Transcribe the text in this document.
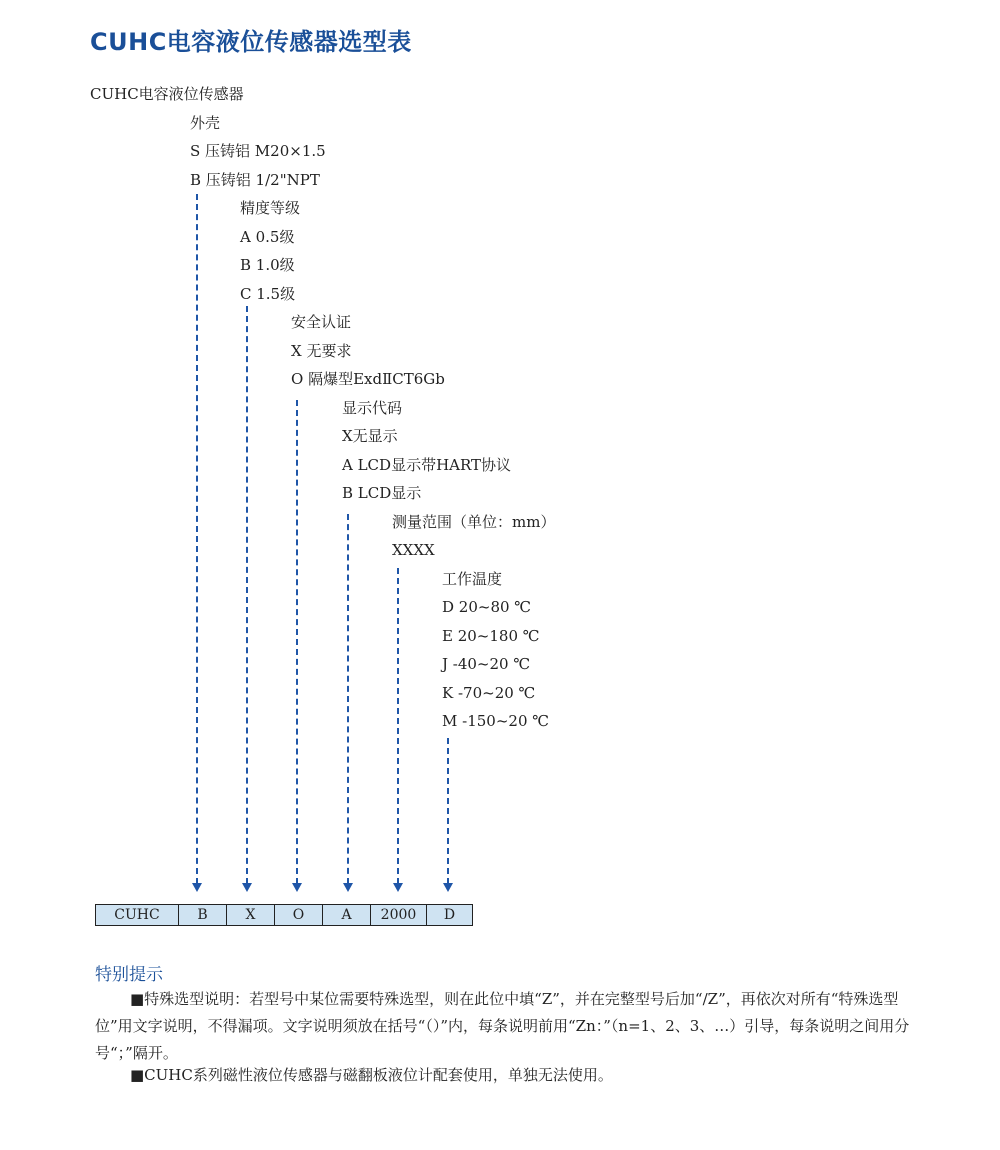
CUHC电容液位传感器选型表
CUHC电容液位传感器
外壳
S 压铸铝 M20×1.5
B 压铸铝 1/2"NPT
精度等级
A 0.5级
B 1.0级
C 1.5级
安全认证
X 无要求
O 隔爆型ExdⅡCT6Gb
显示代码
X无显示
A LCD显示带HART协议
B LCD显示
测量范围（单位：mm）
XXXX
工作温度
D 20~80 ℃
E 20~180 ℃
J -40~20 ℃
K -70~20 ℃
M -150~20 ℃
CUHC	B	X	O	A	2000	D
特别提示
■特殊选型说明：若型号中某位需要特殊选型，则在此位中填“Z”，并在完整型号后加“/Z”，再依次对所有“特殊选型位”用文字说明，不得漏项。文字说明须放在括号“（）”内，每条说明前用“Zn：”（n=1、2、3、…）引导，每条说明之间用分号“；”隔开。
■CUHC系列磁性液位传感器与磁翻板液位计配套使用，单独无法使用。
